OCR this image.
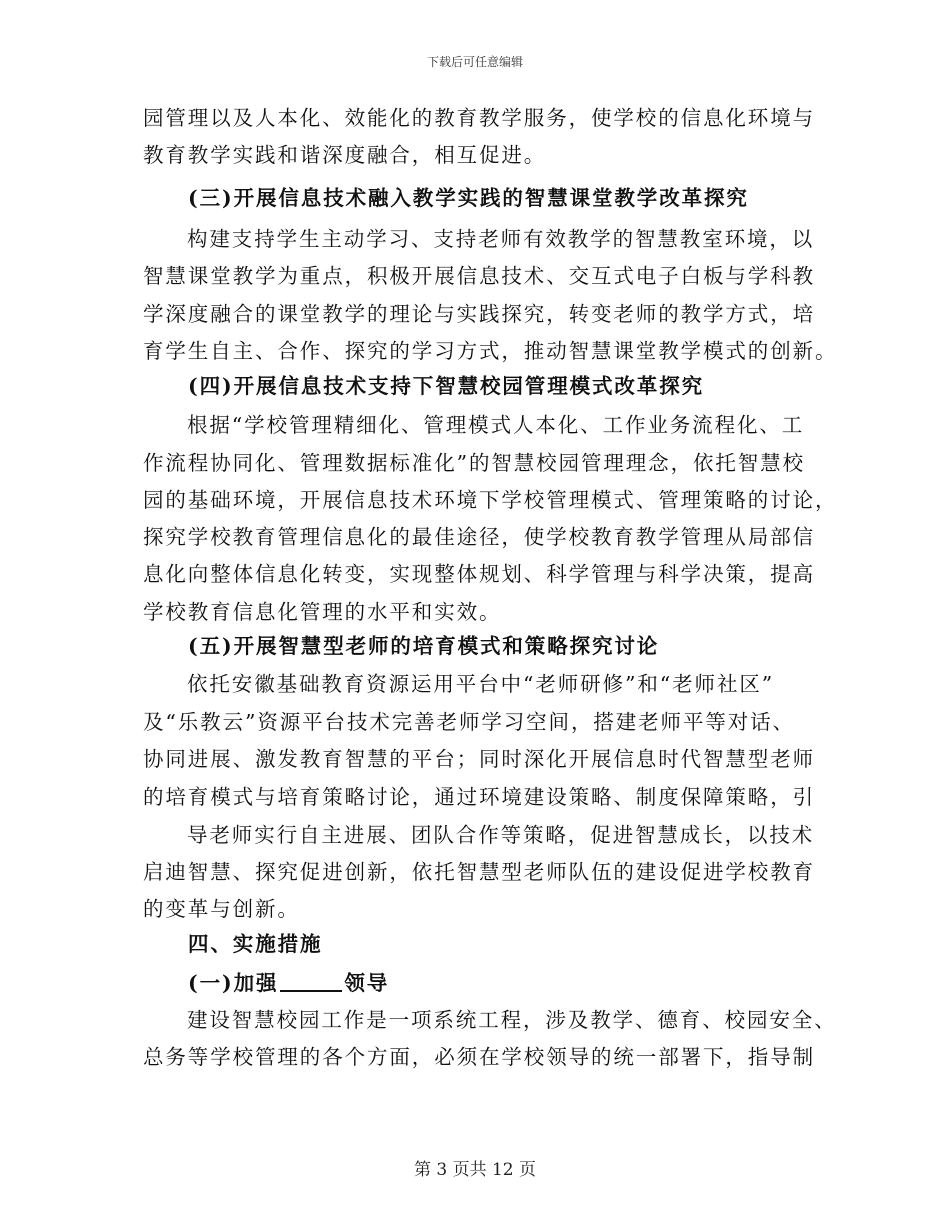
下载后可任意编辑
园管理以及人本化、效能化的教育教学服务，使学校的信息化环境与
教育教学实践和谐深度融合，相互促进。
(三)开展信息技术融入教学实践的智慧课堂教学改革探究
构建支持学生主动学习、支持老师有效教学的智慧教室环境，以
智慧课堂教学为重点，积极开展信息技术、交互式电子白板与学科教
学深度融合的课堂教学的理论与实践探究，转变老师的教学方式，培
育学生自主、合作、探究的学习方式，推动智慧课堂教学模式的创新。
(四)开展信息技术支持下智慧校园管理模式改革探究
根据“学校管理精细化、管理模式人本化、工作业务流程化、工
作流程协同化、管理数据标准化”的智慧校园管理理念，依托智慧校
园的基础环境，开展信息技术环境下学校管理模式、管理策略的讨论，
探究学校教育管理信息化的最佳途径，使学校教育教学管理从局部信
息化向整体信息化转变，实现整体规划、科学管理与科学决策，提高
学校教育信息化管理的水平和实效。
(五)开展智慧型老师的培育模式和策略探究讨论
依托安徽基础教育资源运用平台中“老师研修”和“老师社区”
及“乐教云”资源平台技术完善老师学习空间，搭建老师平等对话、
协同进展、激发教育智慧的平台；同时深化开展信息时代智慧型老师
的培育模式与培育策略讨论，通过环境建设策略、制度保障策略，引
导老师实行自主进展、团队合作等策略，促进智慧成长，以技术
启迪智慧、探究促进创新，依托智慧型老师队伍的建设促进学校教育
的变革与创新。
四、实施措施
(一)加强	领导
建设智慧校园工作是一项系统工程，涉及教学、德育、校园安全、
总务等学校管理的各个方面，必须在学校领导的统一部署下，指导制
第 3 页共 12 页
